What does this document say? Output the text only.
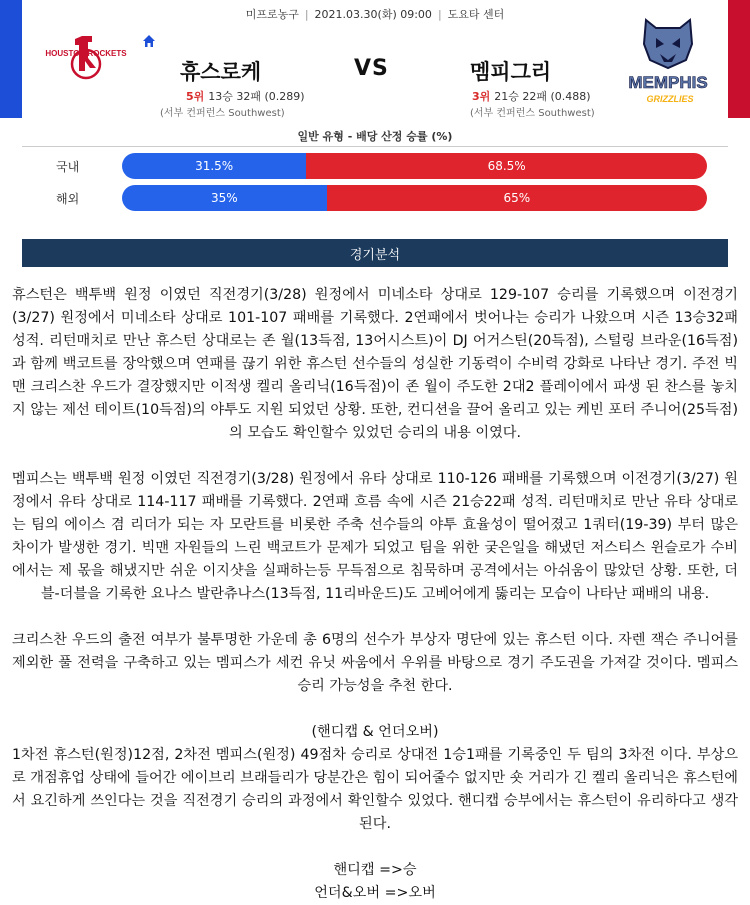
미프로농구 | 2021.03.30(화) 09:00 | 도요타 센터
HOUSTON ROCKETS
MEMPHIS
GRIZZLIES
휴스로케	VS	멤피그리
5위 13승 32패 (0.289)	3위 21승 22패 (0.488)
(서부 컨퍼런스 Southwest)	(서부 컨퍼런스 Southwest)
일반 유형 - 배당 산정 승률 (%)
국내	31.5%	68.5%
해외	35%	65%
경기분석

휴스턴은 백투백 원정 이였던 직전경기(3/28) 원정에서 미네소타 상대로 129-107 승리를 기록했으며 이전경기(3/27) 원정에서 미네소타 상대로 101-107 패배를 기록했다. 2연패에서 벗어나는 승리가 나왔으며 시즌 13승32패 성적. 리턴매치로 만난 휴스턴 상대로는 존 월(13득점, 13어시스트)이 DJ 어거스틴(20득점), 스털링 브라운(16득점)과 함께 백코트를 장악했으며 연패를 끊기 위한 휴스턴 선수들의 성실한 기동력이 수비력 강화로 나타난 경기. 주전 빅맨 크리스찬 우드가 결장했지만 이적생 켈리 올리닉(16득점)이 존 월이 주도한 2대2 플레이에서 파생 된 찬스를 놓치지 않는 제선 테이트(10득점)의 야투도 지원 되었던 상황. 또한, 컨디션을 끌어 올리고 있는 케빈 포터 주니어(25득점)의 모습도 확인할수 있었던 승리의 내용 이였다.

멤피스는 백투백 원정 이였던 직전경기(3/28) 원정에서 유타 상대로 110-126 패배를 기록했으며 이전경기(3/27) 원정에서 유타 상대로 114-117 패배를 기록했다. 2연패 흐름 속에 시즌 21승22패 성적. 리턴매치로 만난 유타 상대로는 팀의 에이스 겸 리더가 되는 자 모란트를 비롯한 주축 선수들의 야투 효율성이 떨어졌고 1쿼터(19-39) 부터 많은 차이가 발생한 경기. 빅맨 자원들의 느린 백코트가 문제가 되었고 팀을 위한 궂은일을 해냈던 저스티스 윈슬로가 수비에서는 제 몫을 해냈지만 쉬운 이지샷을 실패하는등 무득점으로 침묵하며 공격에서는 아쉬움이 많았던 상황. 또한, 더블-더블을 기록한 요나스 발란츄나스(13득점, 11리바운드)도 고베어에게 뚫리는 모습이 나타난 패배의 내용.

크리스찬 우드의 출전 여부가 불투명한 가운데 총 6명의 선수가 부상자 명단에 있는 휴스턴 이다. 자렌 잭슨 주니어를 제외한 풀 전력을 구축하고 있는 멤피스가 세컨 유닛 싸움에서 우위를 바탕으로 경기 주도권을 가져갈 것이다. 멤피스 승리 가능성을 추천 한다.

(핸디캡 & 언더오버)

1차전 휴스턴(원정)12점, 2차전 멤피스(원정) 49점차 승리로 상대전 1승1패를 기록중인 두 팀의 3차전 이다. 부상으로 개점휴업 상태에 들어간 에이브리 브래들리가 당분간은 힘이 되어줄수 없지만 숏 거리가 긴 켈리 올리닉은 휴스턴에서 요긴하게 쓰인다는 것을 직전경기 승리의 과정에서 확인할수 있었다. 핸디캡 승부에서는 휴스턴이 유리하다고 생각 된다.

핸디캡 =>승

언더&오버 =>오버
